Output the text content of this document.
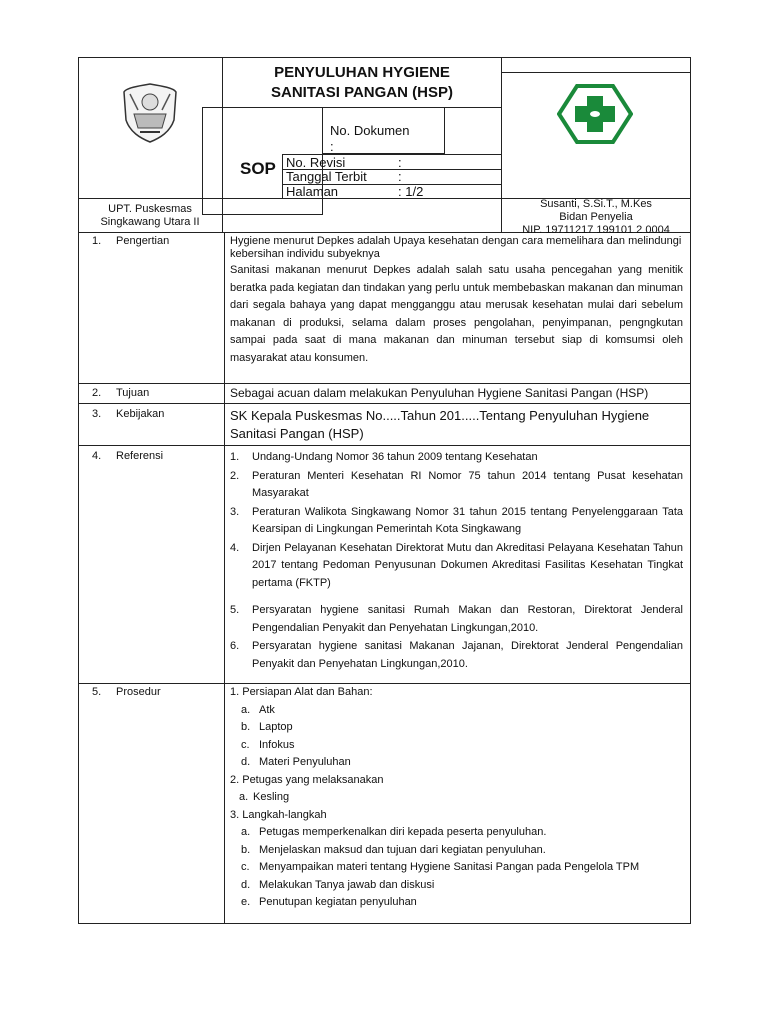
PENYULUHAN HYGIENE
SANITASI PANGAN (HSP)
SOP
No. Dokumen
:
No. Revisi	:
Tanggal Terbit :
Halaman	: 1/2
UPT. Puskesmas
Singkawang Utara II
Susanti, S.Si.T., M.Kes
Bidan Penyelia
NIP. 19711217 199101 2 0004
1. Pengertian	Hygiene menurut Depkes adalah Upaya kesehatan dengan cara memelihara dan melindungi kebersihan individu subyeknya
Sanitasi makanan menurut Depkes adalah salah satu usaha pencegahan yang menitik beratka pada kegiatan dan tindakan yang perlu untuk membebaskan makanan dan minuman dari segala bahaya yang dapat mengganggu atau merusak kesehatan mulai dari sebelum makanan di produksi, selama dalam proses pengolahan, penyimpanan, pengngkutan sampai pada saat di mana makanan dan minuman tersebut siap di komsumsi oleh masyarakat atau konsumen.
2. Tujuan	Sebagai acuan dalam melakukan Penyuluhan Hygiene Sanitasi Pangan (HSP)
3. Kebijakan	SK Kepala Puskesmas No.....Tahun 201.....Tentang Penyuluhan Hygiene Sanitasi Pangan (HSP)
4. Referensi	1. Undang-Undang Nomor 36 tahun 2009 tentang Kesehatan
2. Peraturan Menteri Kesehatan RI Nomor 75 tahun 2014 tentang Pusat kesehatan Masyarakat
3. Peraturan Walikota Singkawang Nomor 31 tahun 2015 tentang Penyelenggaraan Tata Kearsipan di Lingkungan Pemerintah Kota Singkawang
4. Dirjen Pelayanan Kesehatan Direktorat Mutu dan Akreditasi Pelayana Kesehatan Tahun 2017 tentang Pedoman Penyusunan Dokumen Akreditasi Fasilitas Kesehatan Tingkat pertama (FKTP)
5. Persyaratan hygiene sanitasi Rumah Makan dan Restoran, Direktorat Jenderal Pengendalian Penyakit dan Penyehatan Lingkungan,2010.
6. Persyaratan hygiene sanitasi Makanan Jajanan, Direktorat Jenderal Pengendalian Penyakit dan Penyehatan Lingkungan,2010.
5. Prosedur	1. Persiapan Alat dan Bahan:
a. Atk
b. Laptop
c. Infokus
d. Materi Penyuluhan
2. Petugas yang melaksanakan
a. Kesling
3. Langkah-langkah
a. Petugas memperkenalkan diri kepada peserta penyuluhan.
b. Menjelaskan maksud dan tujuan dari kegiatan penyuluhan.
c. Menyampaikan materi tentang Hygiene Sanitasi Pangan pada Pengelola TPM
d. Melakukan Tanya jawab dan diskusi
e. Penutupan kegiatan penyuluhan
